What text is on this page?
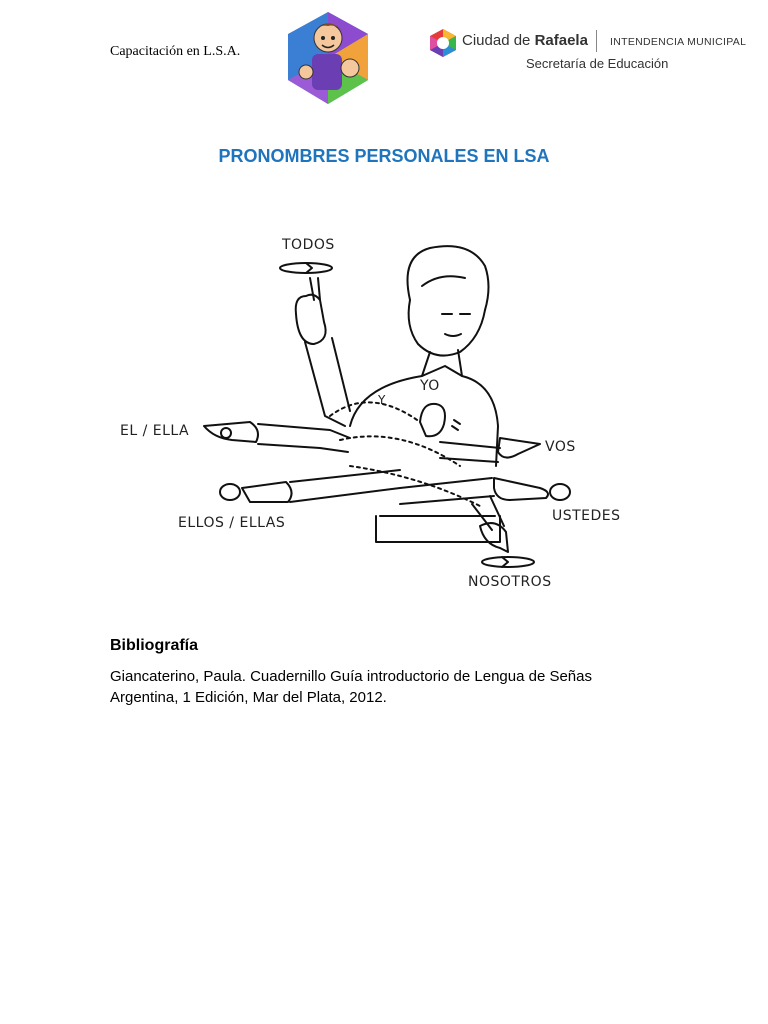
Capacitación en L.S.A.
Ciudad de Rafaela INTENDENCIA MUNICIPAL
Secretaría de Educación
PRONOMBRES PERSONALES EN LSA
TODOS
Y
YO
EL / ELLA
VOS
ELLOS / ELLAS	USTEDES
NOSOTROS
Bibliografía
Giancaterino, Paula. Cuadernillo Guía introductorio de Lengua de Señas
Argentina, 1 Edición, Mar del Plata, 2012.
